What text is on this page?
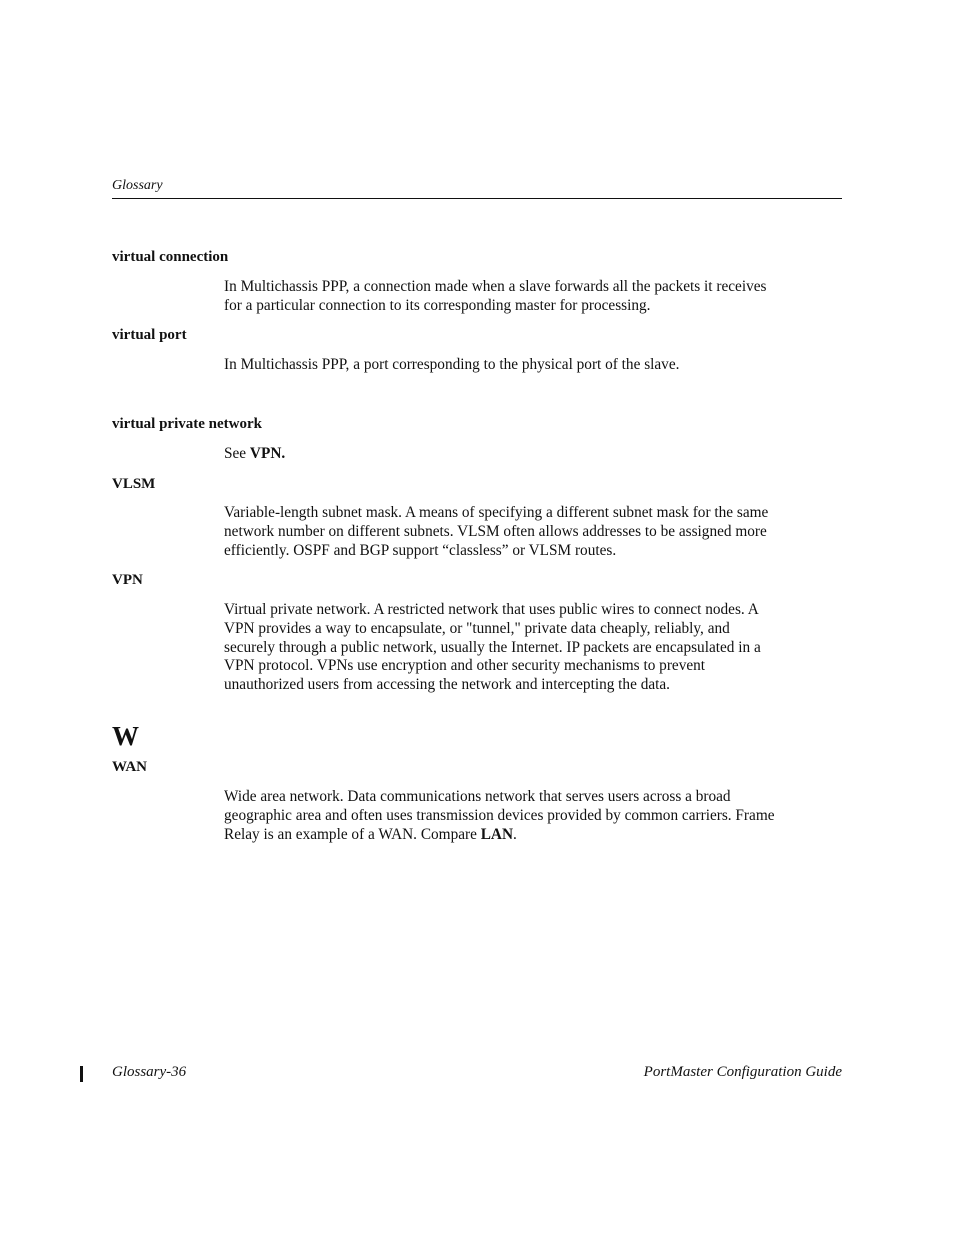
Glossary
virtual connection
In Multichassis PPP, a connection made when a slave forwards all the packets it receives
for a particular connection to its corresponding master for processing.
virtual port
In Multichassis PPP, a port corresponding to the physical port of the slave.
virtual private network
See VPN.
VLSM
Variable-length subnet mask. A means of specifying a different subnet mask for the same
network number on different subnets. VLSM often allows addresses to be assigned more
efficiently. OSPF and BGP support “classless” or VLSM routes.
VPN
Virtual private network. A restricted network that uses public wires to connect nodes. A
VPN provides a way to encapsulate, or "tunnel," private data cheaply, reliably, and
securely through a public network, usually the Internet. IP packets are encapsulated in a
VPN protocol. VPNs use encryption and other security mechanisms to prevent
unauthorized users from accessing the network and intercepting the data.
W
WAN
Wide area network. Data communications network that serves users across a broad
geographic area and often uses transmission devices provided by common carriers. Frame
Relay is an example of a WAN. Compare LAN.
Glossary-36	PortMaster Configuration Guide
